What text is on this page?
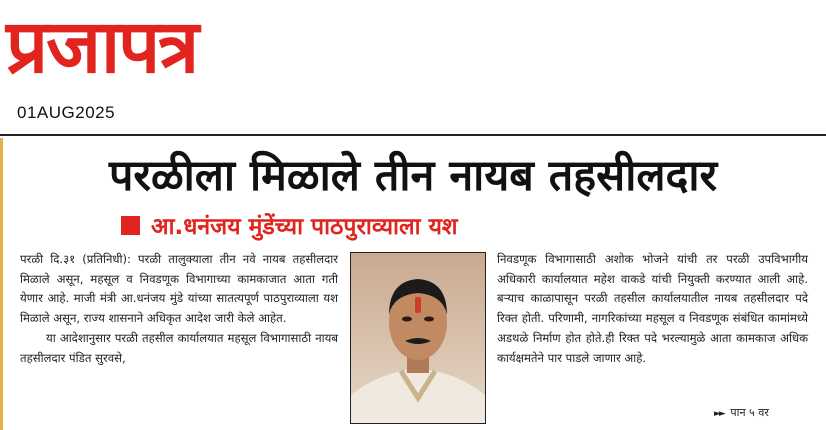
प्रजापत्र
01AUG2025
परळीला मिळाले तीन नायब तहसीलदार
आ.धनंजय मुंडेंच्या पाठपुराव्याला यश

परळी दि.३१ (प्रतिनिधी): परळी तालुक्याला तीन नवे नायब तहसीलदार मिळाले असून, महसूल व निवडणूक विभागाच्या कामकाजात आता गती येणार आहे. माजी मंत्री आ.धनंजय मुंडे यांच्या सातत्यपूर्ण पाठपुराव्याला यश मिळाले असून, राज्य शासनाने अधिकृत आदेश जारी केले आहेत.

या आदेशानुसार परळी तहसील कार्यालयात महसूल विभागासाठी नायब तहसीलदार पंडित सुरवसे,

निवडणूक विभागासाठी अशोक भोजने यांची तर परळी उपविभागीय अधिकारी कार्यालयात महेश वाकडे यांची नियुक्ती करण्यात आली आहे. बऱ्याच काळापासून परळी तहसील कार्यालयातील नायब तहसीलदार पदे रिक्त होती. परिणामी, नागरिकांच्या महसूल व निवडणूक संबंधित कामांमध्ये अडथळे निर्माण होत होते.ही रिक्त पदे भरल्यामुळे आता कामकाज अधिक कार्यक्षमतेने पार पाडले जाणार आहे.

►► पान ५ वर
